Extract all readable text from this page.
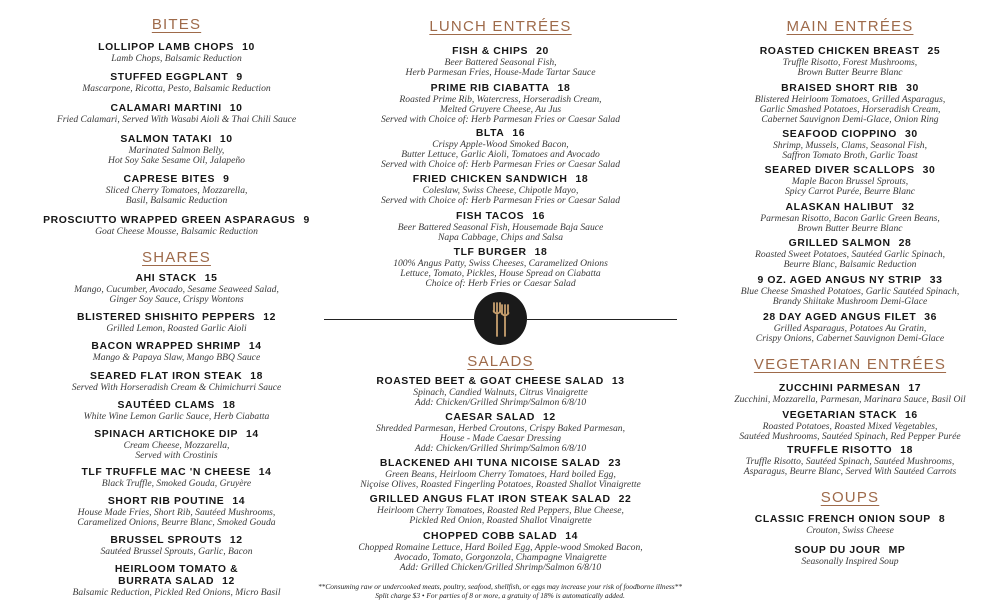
BITES
LOLLIPOP LAMB CHOPS 10
Lamb Chops, Balsamic Reduction
STUFFED EGGPLANT 9
Mascarpone, Ricotta, Pesto, Balsamic Reduction
CALAMARI MARTINI 10
Fried Calamari, Served With Wasabi Aioli & Thai Chili Sauce
SALMON TATAKI 10
Marinated Salmon Belly,
Hot Soy Sake Sesame Oil, Jalapeño
CAPRESE BITES 9
Sliced Cherry Tomatoes, Mozzarella,
Basil, Balsamic Reduction
PROSCIUTTO WRAPPED GREEN ASPARAGUS 9
Goat Cheese Mousse, Balsamic Reduction
SHARES
AHI STACK 15
Mango, Cucumber, Avocado, Sesame Seaweed Salad,
Ginger Soy Sauce, Crispy Wontons
BLISTERED SHISHITO PEPPERS 12
Grilled Lemon, Roasted Garlic Aioli
BACON WRAPPED SHRIMP 14
Mango & Papaya Slaw, Mango BBQ Sauce
SEARED FLAT IRON STEAK 18
Served With Horseradish Cream & Chimichurri Sauce
SAUTÉED CLAMS 18
White Wine Lemon Garlic Sauce, Herb Ciabatta
SPINACH ARTICHOKE DIP 14
Cream Cheese, Mozzarella,
Served with Crostinis
TLF TRUFFLE MAC 'N CHEESE 14
Black Truffle, Smoked Gouda, Gruyère
SHORT RIB POUTINE 14
House Made Fries, Short Rib, Sautéed Mushrooms,
Caramelized Onions, Beurre Blanc, Smoked Gouda
BRUSSEL SPROUTS 12
Sautéed Brussel Sprouts, Garlic, Bacon
HEIRLOOM TOMATO &
BURRATA SALAD 12
Balsamic Reduction, Pickled Red Onions, Micro Basil
LUNCH ENTRÉES
FISH & CHIPS 20
Beer Battered Seasonal Fish,
Herb Parmesan Fries, House-Made Tartar Sauce
PRIME RIB CIABATTA 18
Roasted Prime Rib, Watercress, Horseradish Cream,
Melted Gruyere Cheese, Au Jus
Served with Choice of: Herb Parmesan Fries or Caesar Salad
BLTA 16
Crispy Apple-Wood Smoked Bacon,
Butter Lettuce, Garlic Aioli, Tomatoes and Avocado
Served with Choice of: Herb Parmesan Fries or Caesar Salad
FRIED CHICKEN SANDWICH 18
Coleslaw, Swiss Cheese, Chipotle Mayo,
Served with Choice of: Herb Parmesan Fries or Caesar Salad
FISH TACOS 16
Beer Battered Seasonal Fish, Housemade Baja Sauce
Napa Cabbage, Chips and Salsa
TLF BURGER 18
100% Angus Patty, Swiss Cheeses, Caramelized Onions
Lettuce, Tomato, Pickles, House Spread on Ciabatta
Choice of: Herb Fries or Caesar Salad
SALADS
ROASTED BEET & GOAT CHEESE SALAD 13
Spinach, Candied Walnuts, Citrus Vinaigrette
Add: Chicken/Grilled Shrimp/Salmon 6/8/10
CAESAR SALAD 12
Shredded Parmesan, Herbed Croutons, Crispy Baked Parmesan,
House - Made Caesar Dressing
Add: Chicken/Grilled Shrimp/Salmon 6/8/10
BLACKENED AHI TUNA NICOISE SALAD 23
Green Beans, Heirloom Cherry Tomatoes, Hard boiled Egg,
Niçoise Olives, Roasted Fingerling Potatoes, Roasted Shallot Vinaigrette
GRILLED ANGUS FLAT IRON STEAK SALAD 22
Heirloom Cherry Tomatoes, Roasted Red Peppers, Blue Cheese,
Pickled Red Onion, Roasted Shallot Vinaigrette
CHOPPED COBB SALAD 14
Chopped Romaine Lettuce, Hard Boiled Egg, Apple-wood Smoked Bacon,
Avocado, Tomato, Gorgonzola, Champagne Vinaigrette
Add: Grilled Chicken/Grilled Shrimp/Salmon 6/8/10
MAIN ENTRÉES
ROASTED CHICKEN BREAST 25
Truffle Risotto, Forest Mushrooms,
Brown Butter Beurre Blanc
BRAISED SHORT RIB 30
Blistered Heirloom Tomatoes, Grilled Asparagus,
Garlic Smashed Potatoes, Horseradish Cream,
Cabernet Sauvignon Demi-Glace, Onion Ring
SEAFOOD CIOPPINO 30
Shrimp, Mussels, Clams, Seasonal Fish,
Saffron Tomato Broth, Garlic Toast
SEARED DIVER SCALLOPS 30
Maple Bacon Brussel Sprouts,
Spicy Carrot Purée, Beurre Blanc
ALASKAN HALIBUT 32
Parmesan Risotto, Bacon Garlic Green Beans,
Brown Butter Beurre Blanc
GRILLED SALMON 28
Roasted Sweet Potatoes, Sautéed Garlic Spinach,
Beurre Blanc, Balsamic Reduction
9 OZ. AGED ANGUS NY STRIP 33
Blue Cheese Smashed Potatoes, Garlic Sautéed Spinach,
Brandy Shiitake Mushroom Demi-Glace
28 DAY AGED ANGUS FILET 36
Grilled Asparagus, Potatoes Au Gratin,
Crispy Onions, Cabernet Sauvignon Demi-Glace
VEGETARIAN ENTRÉES
ZUCCHINI PARMESAN 17
Zucchini, Mozzarella, Parmesan, Marinara Sauce, Basil Oil
VEGETARIAN STACK 16
Roasted Potatoes, Roasted Mixed Vegetables,
Sautéed Mushrooms, Sautéed Spinach, Red Pepper Purée
TRUFFLE RISOTTO 18
Truffle Risotto, Sautéed Spinach, Sautéed Mushrooms,
Asparagus, Beurre Blanc, Served With Sautéed Carrots
SOUPS
CLASSIC FRENCH ONION SOUP 8
Crouton, Swiss Cheese
SOUP DU JOUR MP
Seasonally Inspired Soup
**Consuming raw or undercooked meats, poultry, seafood, shellfish, or eggs may increase your risk of foodborne illness**
Split charge $3 • For parties of 8 or more, a gratuity of 18% is automatically added.
